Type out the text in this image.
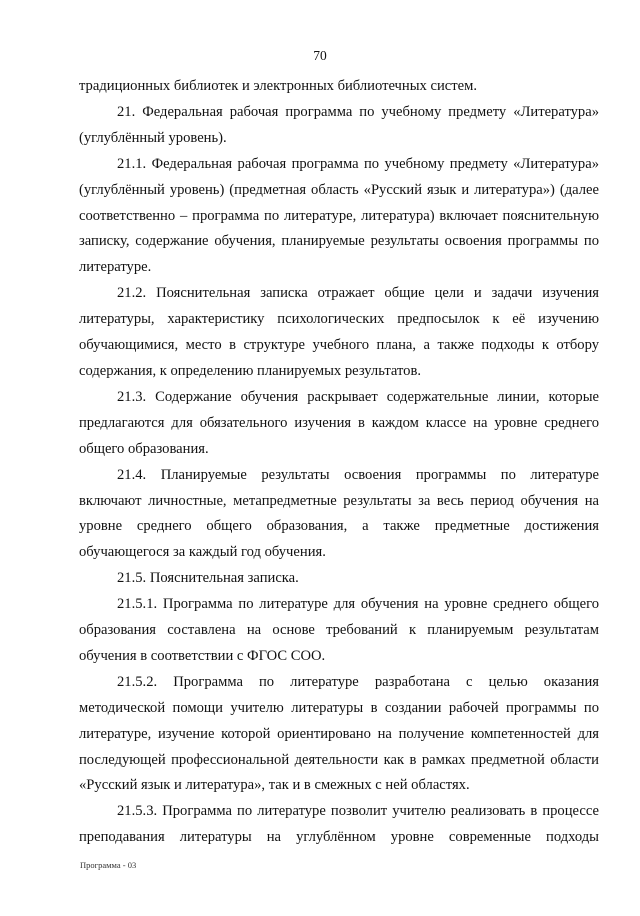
70

традиционных библиотек и электронных библиотечных систем.

21. Федеральная рабочая программа по учебному предмету «Литература» (углублённый уровень).

21.1. Федеральная рабочая программа по учебному предмету «Литература» (углублённый уровень) (предметная область «Русский язык и литература») (далее соответственно – программа по литературе, литература) включает пояснительную записку, содержание обучения, планируемые результаты освоения программы по литературе.

21.2. Пояснительная записка отражает общие цели и задачи изучения литературы, характеристику психологических предпосылок к её изучению обучающимися, место в структуре учебного плана, а также подходы к отбору содержания, к определению планируемых результатов.

21.3. Содержание обучения раскрывает содержательные линии, которые предлагаются для обязательного изучения в каждом классе на уровне среднего общего образования.

21.4. Планируемые результаты освоения программы по литературе включают личностные, метапредметные результаты за весь период обучения на уровне среднего общего образования, а также предметные достижения обучающегося за каждый год обучения.

21.5. Пояснительная записка.

21.5.1. Программа по литературе для обучения на уровне среднего общего образования составлена на основе требований к планируемым результатам обучения в соответствии с ФГОС СОО.

21.5.2. Программа по литературе разработана с целью оказания методической помощи учителю литературы в создании рабочей программы по литературе, изучение которой ориентировано на получение компетенностей для последующей профессиональной деятельности как в рамках предметной области «Русский язык и литература», так и в смежных с ней областях.

21.5.3. Программа по литературе позволит учителю реализовать в процессе преподавания литературы на углублённом уровне современные подходы

Программа - 03
